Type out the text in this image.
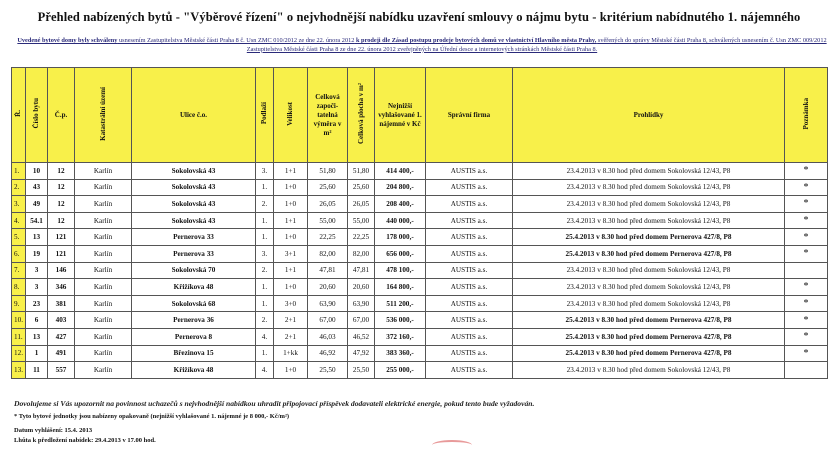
Přehled nabízených bytů - "Výběrové řízení" o nejvhodnější nabídku uzavření smlouvy o nájmu bytu - kritérium nabídnutého 1. nájemného
Uvedené bytové domy byly schváleny usnesením Zastupitelstva Městské části Praha 8 č. Usn ZMC 010/2012 ze dne 22. února 2012 k prodeji dle Zásad postupu prodeje bytových domů ve vlastnictví Hlavního města Prahy, svěřených do správy Městské části Praha 8, schválených usnesením č. Usn ZMC 009/2012 Zastupitelstva Městské části Praha 8 ze dne 22. února 2012 zveřejněných na Úřední desce a internetových stránkách Městské části Praha 8.
Ř.	Číslo bytu	Č.p.	Katastrální území	Ulice č.o.	Podlaží	Velikost	Celková započi-tatelná výměra v m²	Celková plocha v m²	Nejnižší vyhlašované 1. nájemné v Kč	Správní firma	Prohlídky	Poznámka
1.	10	12	Karlín	Sokolovská 43	3.	1+1	51,80	51,80	414 400,-	AUSTIS a.s.	23.4.2013 v 8.30 hod před domem Sokolovská 12/43, P8	*
2.	43	12	Karlín	Sokolovská 43	1.	1+0	25,60	25,60	204 800,-	AUSTIS a.s.	23.4.2013 v 8.30 hod před domem Sokolovská 12/43, P8	*
3.	49	12	Karlín	Sokolovská 43	2.	1+0	26,05	26,05	208 400,-	AUSTIS a.s.	23.4.2013 v 8.30 hod před domem Sokolovská 12/43, P8	*
4.	54.1	12	Karlín	Sokolovská 43	1.	1+1	55,00	55,00	440 000,-	AUSTIS a.s.	23.4.2013 v 8.30 hod před domem Sokolovská 12/43, P8	*
5.	13	121	Karlín	Pernerova 33	1.	1+0	22,25	22,25	178 000,-	AUSTIS a.s.	25.4.2013 v 8.30 hod před domem Pernerova 427/8, P8	*
6.	19	121	Karlín	Pernerova 33	3.	3+1	82,00	82,00	656 000,-	AUSTIS a.s.	25.4.2013 v 8.30 hod před domem Pernerova 427/8, P8	*
7.	3	146	Karlín	Sokolovská 70	2.	1+1	47,81	47,81	478 100,-	AUSTIS a.s.	23.4.2013 v 8.30 hod před domem Sokolovská 12/43, P8	
8.	3	346	Karlín	Křižíkova 48	1.	1+0	20,60	20,60	164 800,-	AUSTIS a.s.	23.4.2013 v 8.30 hod před domem Sokolovská 12/43, P8	*
9.	23	381	Karlín	Sokolovská 68	1.	3+0	63,90	63,90	511 200,-	AUSTIS a.s.	23.4.2013 v 8.30 hod před domem Sokolovská 12/43, P8	*
10.	6	403	Karlín	Pernerova 36	2.	2+1	67,00	67,00	536 000,-	AUSTIS a.s.	25.4.2013 v 8.30 hod před domem Pernerova 427/8, P8	*
11.	13	427	Karlín	Pernerova 8	4.	2+1	46,03	46,52	372 160,-	AUSTIS a.s.	25.4.2013 v 8.30 hod před domem Pernerova 427/8, P8	*
12.	1	491	Karlín	Březinova 15	1.	1+kk	46,92	47,92	383 360,-	AUSTIS a.s.	25.4.2013 v 8.30 hod před domem Pernerova 427/8, P8	*
13.	11	557	Karlín	Křižíkova 48	4.	1+0	25,50	25,50	255 000,-	AUSTIS a.s.	23.4.2013 v 8.30 hod před domem Sokolovská 12/43, P8	
Dovolujeme si Vás upozornit na povinnost uchazečů s nejvhodnější nabídkou uhradit připojovací příspěvek dodavateli elektrické energie, pokud tento bude vyžadován.
* Tyto bytové jednotky jsou nabízeny opakovaně (nejnižší vyhlašované 1. nájemné je 8 000,- Kč/m²)
Datum vyhlášení: 15.4. 2013
Lhůta k předložení nabídek: 29.4.2013 v 17.00 hod.
